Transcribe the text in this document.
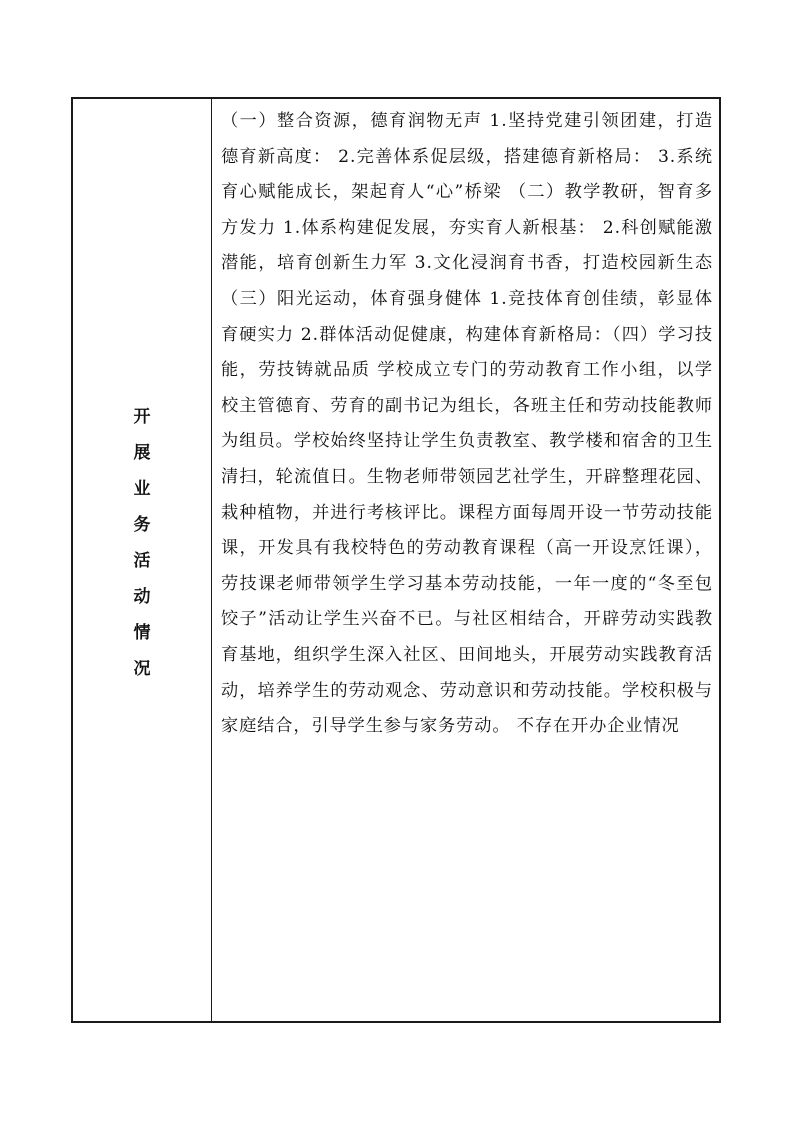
开
展
业
务
活
动
情
况

（一）整合资源，德育润物无声 1.坚持党建引领团建，打造德育新高度： 2.完善体系促层级，搭建德育新格局： 3.系统育心赋能成长，架起育人“心”桥梁 （二）教学教研，智育多方发力 1.体系构建促发展，夯实育人新根基： 2.科创赋能激潜能，培育创新生力军 3.文化浸润育书香，打造校园新生态 （三）阳光运动，体育强身健体 1.竞技体育创佳绩，彰显体育硬实力 2.群体活动促健康，构建体育新格局：（四）学习技能，劳技铸就品质 学校成立专门的劳动教育工作小组，以学校主管德育、劳育的副书记为组长，各班主任和劳动技能教师为组员。学校始终坚持让学生负责教室、教学楼和宿舍的卫生清扫，轮流值日。生物老师带领园艺社学生，开辟整理花园、栽种植物，并进行考核评比。课程方面每周开设一节劳动技能课，开发具有我校特色的劳动教育课程（高一开设烹饪课），劳技课老师带领学生学习基本劳动技能，一年一度的“冬至包饺子”活动让学生兴奋不已。与社区相结合，开辟劳动实践教育基地，组织学生深入社区、田间地头，开展劳动实践教育活动，培养学生的劳动观念、劳动意识和劳动技能。学校积极与家庭结合，引导学生参与家务劳动。 不存在开办企业情况
